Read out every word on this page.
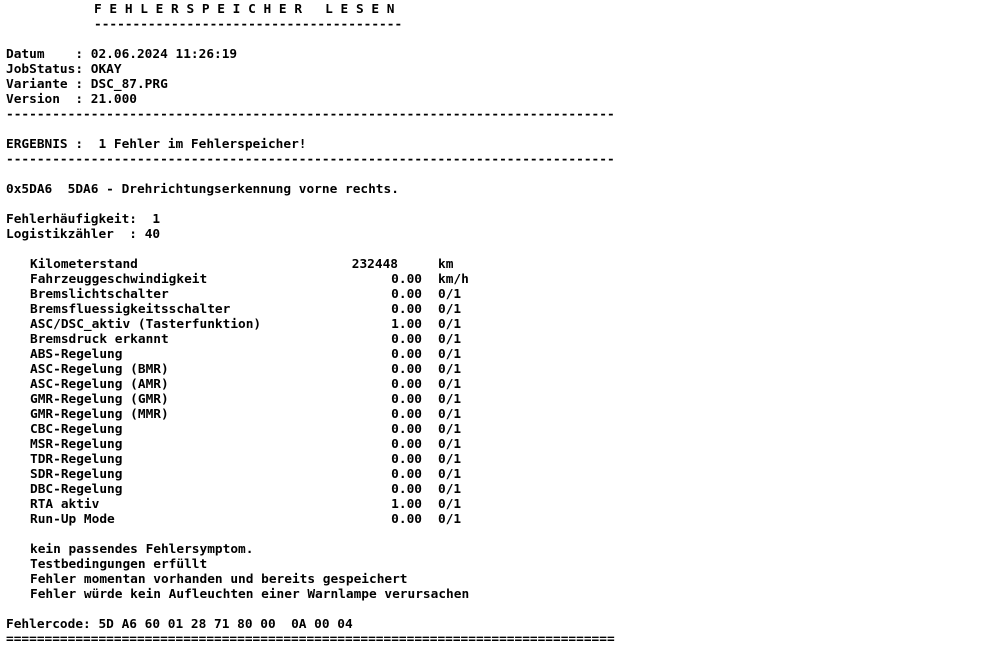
F E H L E R S P E I C H E R   L E S E N
----------------------------------------
Datum    : 02.06.2024 11:26:19
JobStatus: OKAY
Variante : DSC_87.PRG
Version  : 21.000
-------------------------------------------------------------------------------
ERGEBNIS :  1 Fehler im Fehlerspeicher!
-------------------------------------------------------------------------------
0x5DA6  5DA6 - Drehrichtungserkennung vorne rechts.
Fehlerhäufigkeit:  1
Logistikzähler  : 40
Kilometerstand	232448	km
Fahrzeuggeschwindigkeit	0.00 km/h
Bremslichtschalter	0.00 0/1
Bremsfluessigkeitsschalter	0.00 0/1
ASC/DSC_aktiv (Tasterfunktion)	1.00 0/1
Bremsdruck erkannt	0.00 0/1
ABS-Regelung	0.00 0/1
ASC-Regelung (BMR)	0.00 0/1
ASC-Regelung (AMR)	0.00 0/1
GMR-Regelung (GMR)	0.00 0/1
GMR-Regelung (MMR)	0.00 0/1
CBC-Regelung	0.00 0/1
MSR-Regelung	0.00 0/1
TDR-Regelung	0.00 0/1
SDR-Regelung	0.00 0/1
DBC-Regelung	0.00 0/1
RTA aktiv	1.00 0/1
Run-Up Mode	0.00 0/1
kein passendes Fehlersymptom.
Testbedingungen erfüllt
Fehler momentan vorhanden und bereits gespeichert
Fehler würde kein Aufleuchten einer Warnlampe verursachen
Fehlercode: 5D A6 60 01 28 71 80 00  0A 00 04
===============================================================================
